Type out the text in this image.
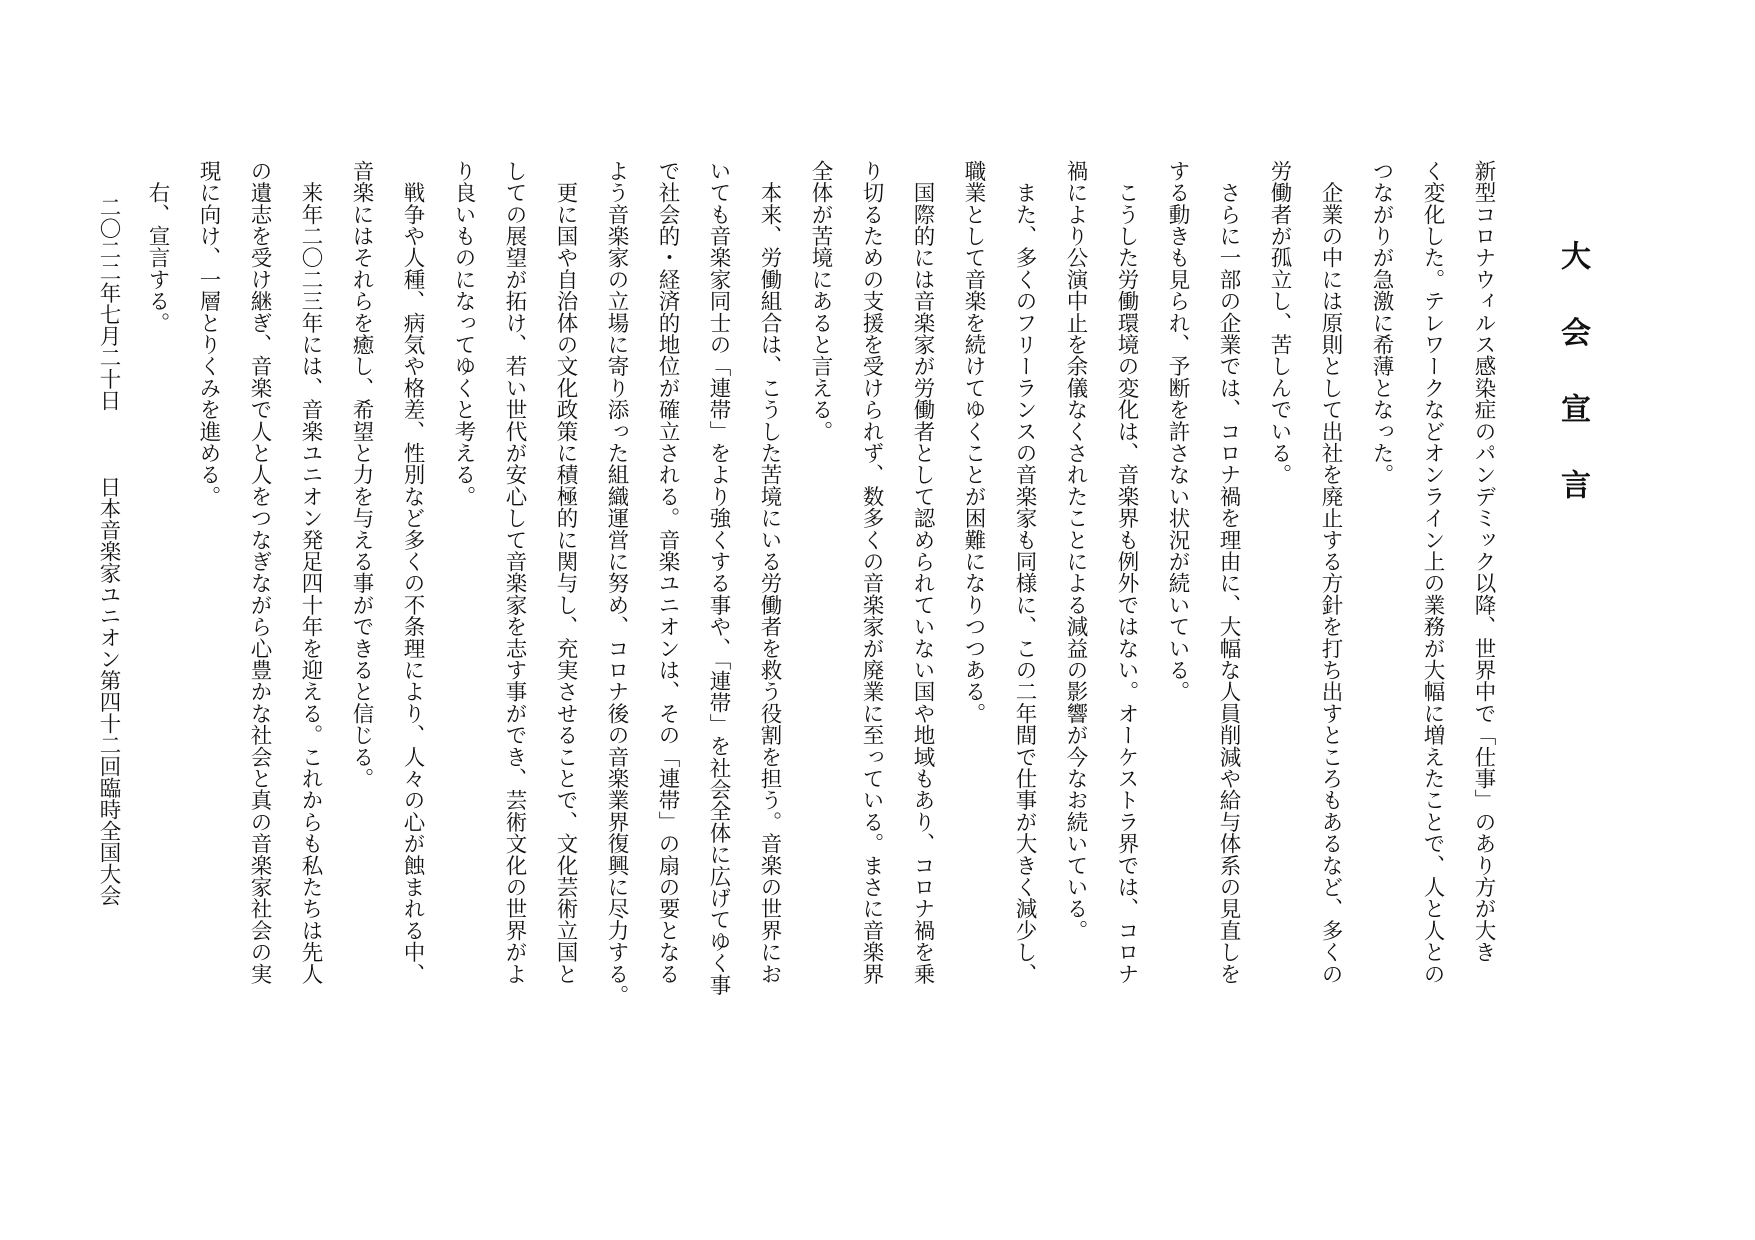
大 会 宣 言
新型コロナウィルス感染症のパンデミック以降、世界中で「仕事」のあり方が大き
く変化した。テレワークなどオンライン上の業務が大幅に増えたことで、人と人との
つながりが急激に希薄となった。
　企業の中には原則として出社を廃止する方針を打ち出すところもあるなど、多くの
労働者が孤立し、苦しんでいる。
　さらに一部の企業では、コロナ禍を理由に、大幅な人員削減や給与体系の見直しを
する動きも見られ、予断を許さない状況が続いている。
　こうした労働環境の変化は、音楽界も例外ではない。オーケストラ界では、コロナ
禍により公演中止を余儀なくされたことによる減益の影響が今なお続いている。
　また、多くのフリーランスの音楽家も同様に、この二年間で仕事が大きく減少し、
職業として音楽を続けてゆくことが困難になりつつある。
　国際的には音楽家が労働者として認められていない国や地域もあり、コロナ禍を乗
り切るための支援を受けられず、数多くの音楽家が廃業に至っている。まさに音楽界
全体が苦境にあると言える。
　本来、労働組合は、こうした苦境にいる労働者を救う役割を担う。音楽の世界にお
いても音楽家同士の「連帯」をより強くする事や、「連帯」を社会全体に広げてゆく事
で社会的・経済的地位が確立される。音楽ユニオンは、その「連帯」の扇の要となる
よう音楽家の立場に寄り添った組織運営に努め、コロナ後の音楽業界復興に尽力する。
　更に国や自治体の文化政策に積極的に関与し、充実させることで、文化芸術立国と
しての展望が拓け、若い世代が安心して音楽家を志す事ができ、芸術文化の世界がよ
り良いものになってゆくと考える。
　戦争や人種、病気や格差、性別など多くの不条理により、人々の心が蝕まれる中、
音楽にはそれらを癒し、希望と力を与える事ができると信じる。
　来年二〇二三年には、音楽ユニオン発足四十年を迎える。これからも私たちは先人
の遺志を受け継ぎ、音楽で人と人をつなぎながら心豊かな社会と真の音楽家社会の実
現に向け、一層とりくみを進める。
　右、宣言する。
二〇二二年七月二十日 日本音楽家ユニオン第四十二回臨時全国大会
